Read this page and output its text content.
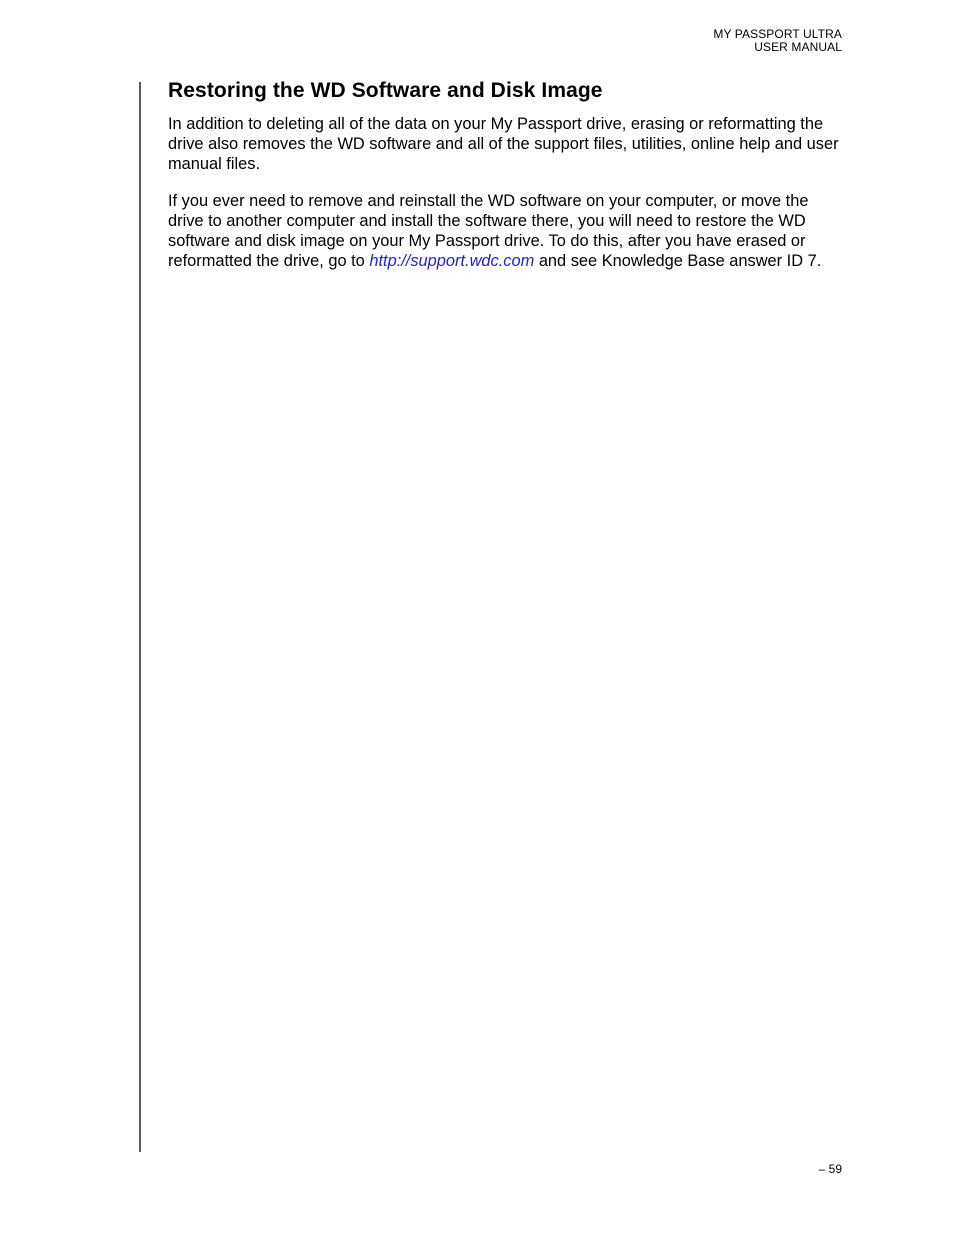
MY PASSPORT ULTRA
USER MANUAL
Restoring the WD Software and Disk Image

In addition to deleting all of the data on your My Passport drive, erasing or reformatting the drive also removes the WD software and all of the support files, utilities, online help and user manual files.

If you ever need to remove and reinstall the WD software on your computer, or move the drive to another computer and install the software there, you will need to restore the WD software and disk image on your My Passport drive. To do this, after you have erased or reformatted the drive, go to http://support.wdc.com and see Knowledge Base answer ID 7.

– 59
